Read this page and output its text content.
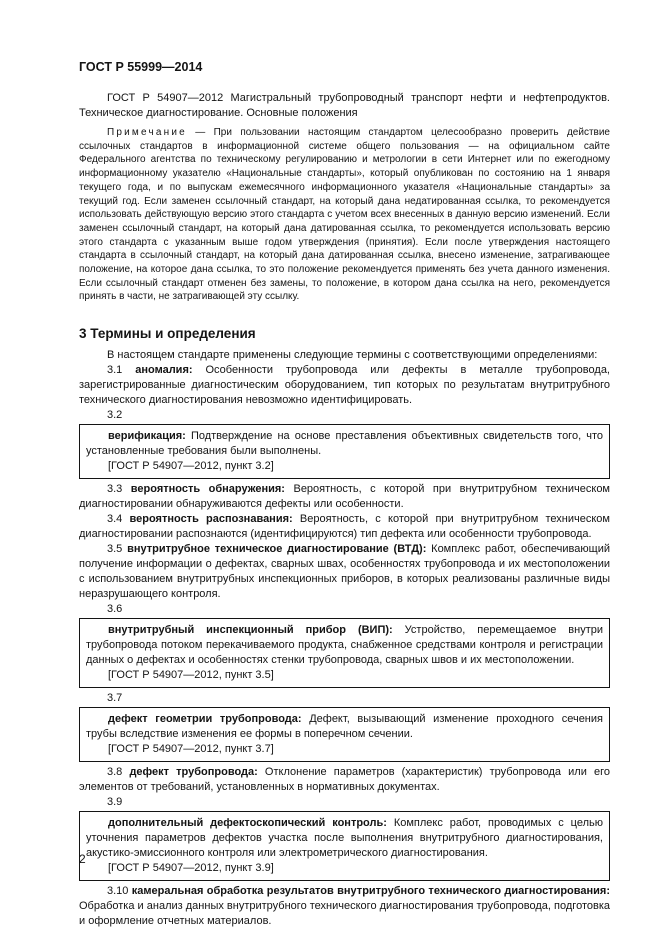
ГОСТ Р 55999—2014

ГОСТ Р 54907—2012 Магистральный трубопроводный транспорт нефти и нефтепродуктов. Техническое диагностирование. Основные положения

Примечание — При пользовании настоящим стандартом целесообразно проверить действие ссылочных стандартов в информационной системе общего пользования — на официальном сайте Федерального агентства по техническому регулированию и метрологии в сети Интернет или по ежегодному информационному указателю «Национальные стандарты», который опубликован по состоянию на 1 января текущего года, и по выпускам ежемесячного информационного указателя «Национальные стандарты» за текущий год. Если заменен ссылочный стандарт, на который дана недатированная ссылка, то рекомендуется использовать действующую версию этого стандарта с учетом всех внесенных в данную версию изменений. Если заменен ссылочный стандарт, на который дана датированная ссылка, то рекомендуется использовать версию этого стандарта с указанным выше годом утверждения (принятия). Если после утверждения настоящего стандарта в ссылочный стандарт, на который дана датированная ссылка, внесено изменение, затрагивающее положение, на которое дана ссылка, то это положение рекомендуется применять без учета данного изменения. Если ссылочный стандарт отменен без замены, то положение, в котором дана ссылка на него, рекомендуется принять в части, не затрагивающей эту ссылку.

3 Термины и определения

В настоящем стандарте применены следующие термины с соответствующими определениями:

3.1 аномалия: Особенности трубопровода или дефекты в металле трубопровода, зарегистрированные диагностическим оборудованием, тип которых по результатам внутритрубного технического диагностирования невозможно идентифицировать.

3.2

верификация: Подтверждение на основе преставления объективных свидетельств того, что установленные требования были выполнены.

[ГОСТ Р 54907—2012, пункт 3.2]

3.3 вероятность обнаружения: Вероятность, с которой при внутритрубном техническом диагностировании обнаруживаются дефекты или особенности.

3.4 вероятность распознавания: Вероятность, с которой при внутритрубном техническом диагностировании распознаются (идентифицируются) тип дефекта или особенности трубопровода.

3.5 внутритрубное техническое диагностирование (ВТД): Комплекс работ, обеспечивающий получение информации о дефектах, сварных швах, особенностях трубопровода и их местоположении с использованием внутритрубных инспекционных приборов, в которых реализованы различные виды неразрушающего контроля.

3.6

внутритрубный инспекционный прибор (ВИП): Устройство, перемещаемое внутри трубопровода потоком перекачиваемого продукта, снабженное средствами контроля и регистрации данных о дефектах и особенностях стенки трубопровода, сварных швов и их местоположении.

[ГОСТ Р 54907—2012, пункт 3.5]

3.7

дефект геометрии трубопровода: Дефект, вызывающий изменение проходного сечения трубы вследствие изменения ее формы в поперечном сечении.

[ГОСТ Р 54907—2012, пункт 3.7]

3.8 дефект трубопровода: Отклонение параметров (характеристик) трубопровода или его элементов от требований, установленных в нормативных документах.

3.9

дополнительный дефектоскопический контроль: Комплекс работ, проводимых с целью уточнения параметров дефектов участка после выполнения внутритрубного диагностирования, акустико-эмиссионного контроля или электрометрического диагностирования.

[ГОСТ Р 54907—2012, пункт 3.9]

3.10 камеральная обработка результатов внутритрубного технического диагностирования: Обработка и анализ данных внутритрубного технического диагностирования трубопровода, подготовка и оформление отчетных материалов.

2
